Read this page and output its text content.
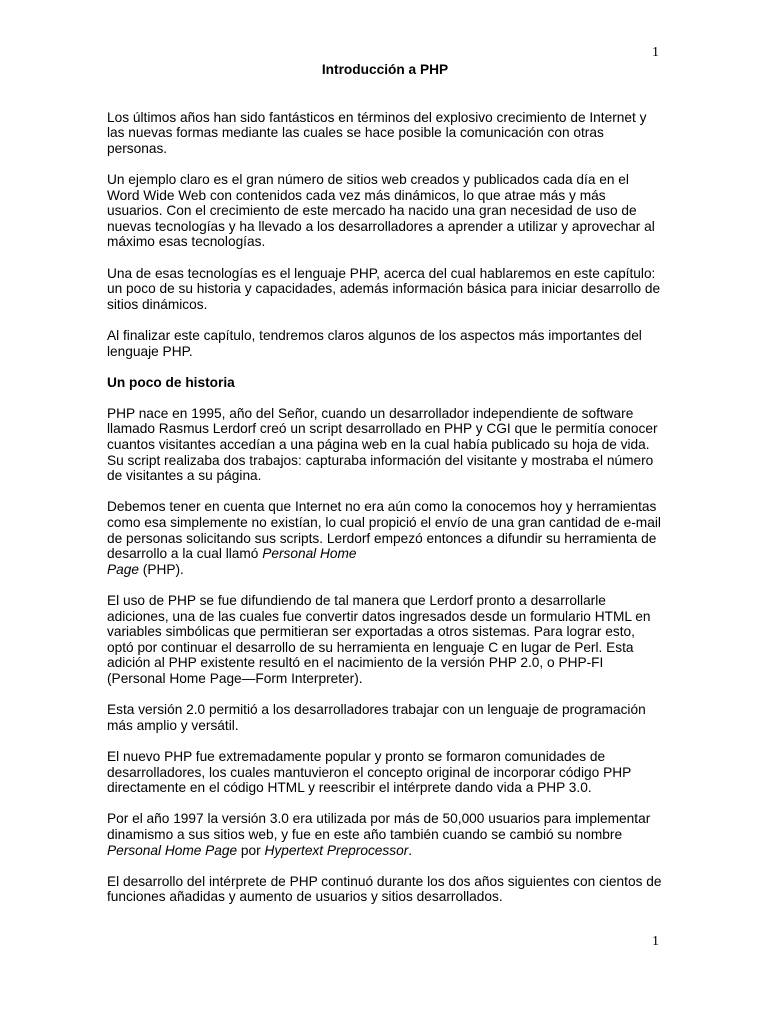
1
Introducción a PHP

Los últimos años han sido fantásticos en términos del explosivo crecimiento de Internet y las nuevas formas mediante las cuales se hace posible la comunicación con otras personas.

Un ejemplo claro es el gran número de sitios web creados y publicados cada día en el Word Wide Web con contenidos cada vez más dinámicos, lo que atrae más y más usuarios. Con el crecimiento de este mercado ha nacido una gran necesidad de uso de nuevas tecnologías y ha llevado a los desarrolladores a aprender a utilizar y aprovechar al máximo esas tecnologías.

Una de esas tecnologías es el lenguaje PHP, acerca del cual hablaremos en este capítulo: un poco de su historia y capacidades, además información básica para iniciar desarrollo de sitios dinámicos.

Al finalizar este capítulo, tendremos claros algunos de los aspectos más importantes del lenguaje PHP.

Un poco de historia

PHP nace en 1995, año del Señor, cuando un desarrollador independiente de software llamado Rasmus Lerdorf creó un script desarrollado en PHP y CGI que le permitía conocer cuantos visitantes accedían a una página web en la cual había publicado su hoja de vida. Su script realizaba dos trabajos: capturaba información del visitante y mostraba el número de visitantes a su página.

Debemos tener en cuenta que Internet no era aún como la conocemos hoy y herramientas como esa simplemente no existían, lo cual propició el envío de una gran cantidad de e-mail de personas solicitando sus scripts. Lerdorf empezó entonces a difundir su herramienta de desarrollo a la cual llamó Personal Home
Page (PHP).

El uso de PHP se fue difundiendo de tal manera que Lerdorf pronto a desarrollarle adiciones, una de las cuales fue convertir datos ingresados desde un formulario HTML en variables simbólicas que permitieran ser exportadas a otros sistemas. Para lograr esto, optó por continuar el desarrollo de su herramienta en lenguaje C en lugar de Perl. Esta adición al PHP existente resultó en el nacimiento de la versión PHP 2.0, o PHP-FI (Personal Home Page—Form Interpreter).

Esta versión 2.0 permitió a los desarrolladores trabajar con un lenguaje de programación más amplio y versátil.

El nuevo PHP fue extremadamente popular y pronto se formaron comunidades de desarrolladores, los cuales mantuvieron el concepto original de incorporar código PHP directamente en el código HTML y reescribir el intérprete dando vida a PHP 3.0.

Por el año 1997 la versión 3.0 era utilizada por más de 50,000 usuarios para implementar dinamismo a sus sitios web, y fue en este año también cuando se cambió su nombre
Personal Home Page por Hypertext Preprocessor.

El desarrollo del intérprete de PHP continuó durante los dos años siguientes con cientos de funciones añadidas y aumento de usuarios y sitios desarrollados.

1
